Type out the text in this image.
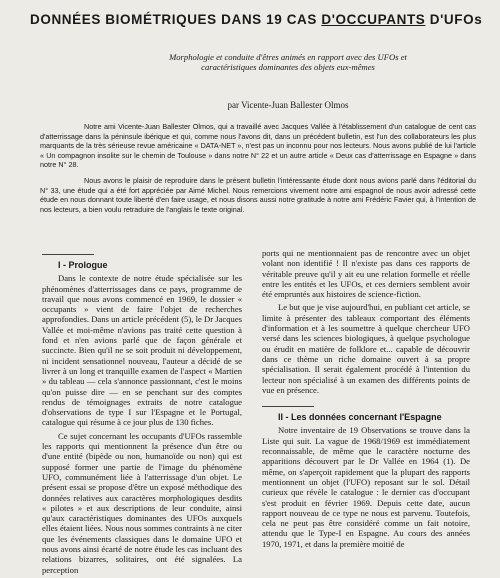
DONNÉES BIOMÉTRIQUES DANS 19 CAS D'OCCUPANTS D'UFOs
Morphologie et conduite d'êtres animés en rapport avec des UFOs et caractéristiques dominantes des objets eux-mêmes
par Vicente-Juan Ballester Olmos

Notre ami Vicente-Juan Ballester Olmos, qui a travaillé avec Jacques Vallée à l'établissement d'un catalogue de cent cas d'atterrissage dans la péninsule ibérique et qui, comme nous l'avons dit, dans un précédent bulletin, est l'un des collaborateurs les plus marquants de la très sérieuse revue américaine « DATA-NET », n'est pas un inconnu pour nos lecteurs. Nous avons publié de lui l'article « Un compagnon insolite sur le chemin de Toulouse » dans notre N° 22 et un autre article « Deux cas d'atterrissage en Espagne » dans notre N° 28.

Nous avons le plaisir de reproduire dans le présent bulletin l'intéressante étude dont nous avions parlé dans l'éditorial du N° 33, une étude qui a été fort appréciée par Aimé Michel. Nous remercions vivement notre ami espagnol de nous avoir adressé cette étude en nous donnant toute liberté d'en faire usage, et nous disons aussi notre gratitude à notre ami Frédéric Favier qui, à l'intention de nos lecteurs, a bien voulu retraduire de l'anglais le texte original.

I - Prologue

Dans le contexte de notre étude spécialisée sur les phénomènes d'atterrissages dans ce pays, programme de travail que nous avons commencé en 1969, le dossier « occupants » vient de faire l'objet de recherches approfondies. Dans un article précédent (5), le Dr Jacques Vallée et moi-même n'avions pas traité cette question à fond et n'en avions parlé que de façon générale et succincte. Bien qu'il ne se soit produit ni développement, ni incident sensationnel nouveau, l'auteur a décidé de se livrer à un long et tranquille examen de l'aspect « Martien » du tableau — cela s'annonce passionnant, c'est le moins qu'on puisse dire — en se penchant sur des comptes rendus de témoignages extraits de notre catalogue d'observations de type I sur l'Espagne et le Portugal, catalogue qui résume à ce jour plus de 130 fiches.

Ce sujet concernant les occupants d'UFOs rassemble les rapports qui mentionnent la présence d'un être ou d'une entité (bipède ou non, humanoïde ou non) qui est supposé former une partie de l'image du phénomène UFO, communément liée à l'atterrissage d'un objet. Le présent essai se propose d'être un exposé méthodique des données relatives aux caractères morphologiques desdits « pilotes » et aux descriptions de leur conduite, ainsi qu'aux caractéristiques dominantes des UFOs auxquels elles étaient liées. Nous nous sommes contraints à ne citer que les événements classiques dans le domaine UFO et nous avons ainsi écarté de notre étude les cas incluant des relations bizarres, solitaires, ont été signalées. La perception

ports qui ne mentionnaient pas de rencontre avec un objet volant non identifié ! Il n'existe pas dans ces rapports de véritable preuve qu'il y ait eu une relation formelle et réelle entre les entités et les UFOs, et ces derniers semblent avoir été empruntés aux histoires de science-fiction.

Le but que je vise aujourd'hui, en publiant cet article, se limite à présenter des tableaux comportant des éléments d'information et à les soumettre à quelque chercheur UFO versé dans les sciences biologiques, à quelque psychologue ou érudit en matière de folklore et... capable de découvrir dans ce thème un riche domaine ouvert à sa propre spécialisation. Il serait également procédé à l'intention du lecteur non spécialisé à un examen des différents points de vue en présence.

II - Les données concernant l'Espagne

Notre inventaire de 19 Observations se trouve dans la Liste qui suit. La vague de 1968/1969 est immédiatement reconnaissable, de même que le caractère nocturne des apparitions découvert par le Dr Vallée en 1964 (1). De même, on s'aperçoit rapidement que la plupart des rapports mentionnent un objet (l'UFO) reposant sur le sol. Détail curieux que révèle le catalogue : le dernier cas d'occupant s'est produit en février 1969. Depuis cette date, aucun rapport nouveau de ce type ne nous est parvenu. Toutefois, cela ne peut pas être considéré comme un fait notoire, attendu que le Type-I en Espagne. Au cours des années 1970, 1971, et dans la première moitié de
